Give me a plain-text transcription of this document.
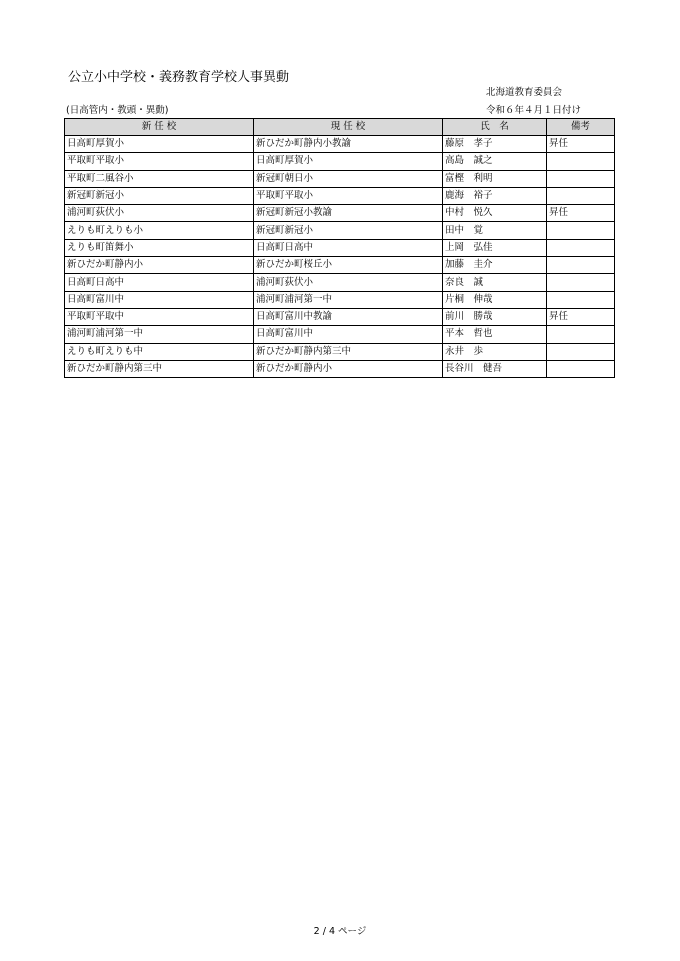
公立小中学校・義務教育学校人事異動
北海道教育委員会
(日高管内・教頭・異動)	令和６年４月１日付け
新 任 校	現 任 校	氏　名	備考
日高町厚賀小	新ひだか町静内小教諭	藤原　孝子	昇任
平取町平取小	日高町厚賀小	高島　誠之	
平取町二風谷小	新冠町朝日小	富樫　利明	
新冠町新冠小	平取町平取小	鹿海　裕子	
浦河町荻伏小	新冠町新冠小教諭	中村　悦久	昇任
えりも町えりも小	新冠町新冠小	田中　覚	
えりも町笛舞小	日高町日高中	上岡　弘佳	
新ひだか町静内小	新ひだか町桜丘小	加藤　圭介	
日高町日高中	浦河町荻伏小	奈良　誠	
日高町富川中	浦河町浦河第一中	片桐　伸哉	
平取町平取中	日高町富川中教諭	前川　勝哉	昇任
浦河町浦河第一中	日高町富川中	平本　哲也	
えりも町えりも中	新ひだか町静内第三中	永井　歩	
新ひだか町静内第三中	新ひだか町静内小	長谷川　健吾	
2 / 4 ページ
